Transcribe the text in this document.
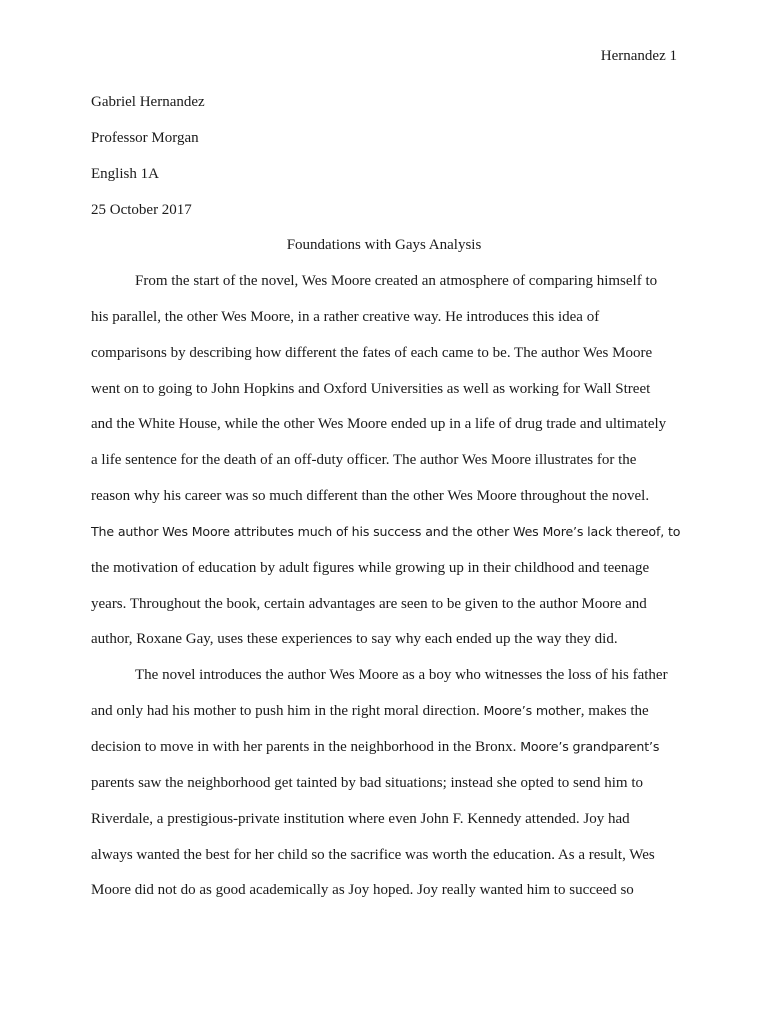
Hernandez 1
Gabriel Hernandez
Professor Morgan
English 1A
25 October 2017
Foundations with Gays Analysis
From the start of the novel, Wes Moore created an atmosphere of comparing himself to
his parallel, the other Wes Moore, in a rather creative way. He introduces this idea of
comparisons by describing how different the fates of each came to be. The author Wes Moore
went on to going to John Hopkins and Oxford Universities as well as working for Wall Street
and the White House, while the other Wes Moore ended up in a life of drug trade and ultimately
a life sentence for the death of an off-duty officer. The author Wes Moore illustrates for the
reason why his career was so much different than the other Wes Moore throughout the novel.
The author Wes Moore attributes much of his success and the other Wes More’s lack thereof, to
the motivation of education by adult figures while growing up in their childhood and teenage
years. Throughout the book, certain advantages are seen to be given to the author Moore and
author, Roxane Gay, uses these experiences to say why each ended up the way they did.
The novel introduces the author Wes Moore as a boy who witnesses the loss of his father
and only had his mother to push him in the right moral direction. Moore’s mother, makes the
decision to move in with her parents in the neighborhood in the Bronx. Moore’s grandparent’s
parents saw the neighborhood get tainted by bad situations; instead she opted to send him to
Riverdale, a prestigious-private institution where even John F. Kennedy attended. Joy had
always wanted the best for her child so the sacrifice was worth the education. As a result, Wes
Moore did not do as good academically as Joy hoped. Joy really wanted him to succeed so
